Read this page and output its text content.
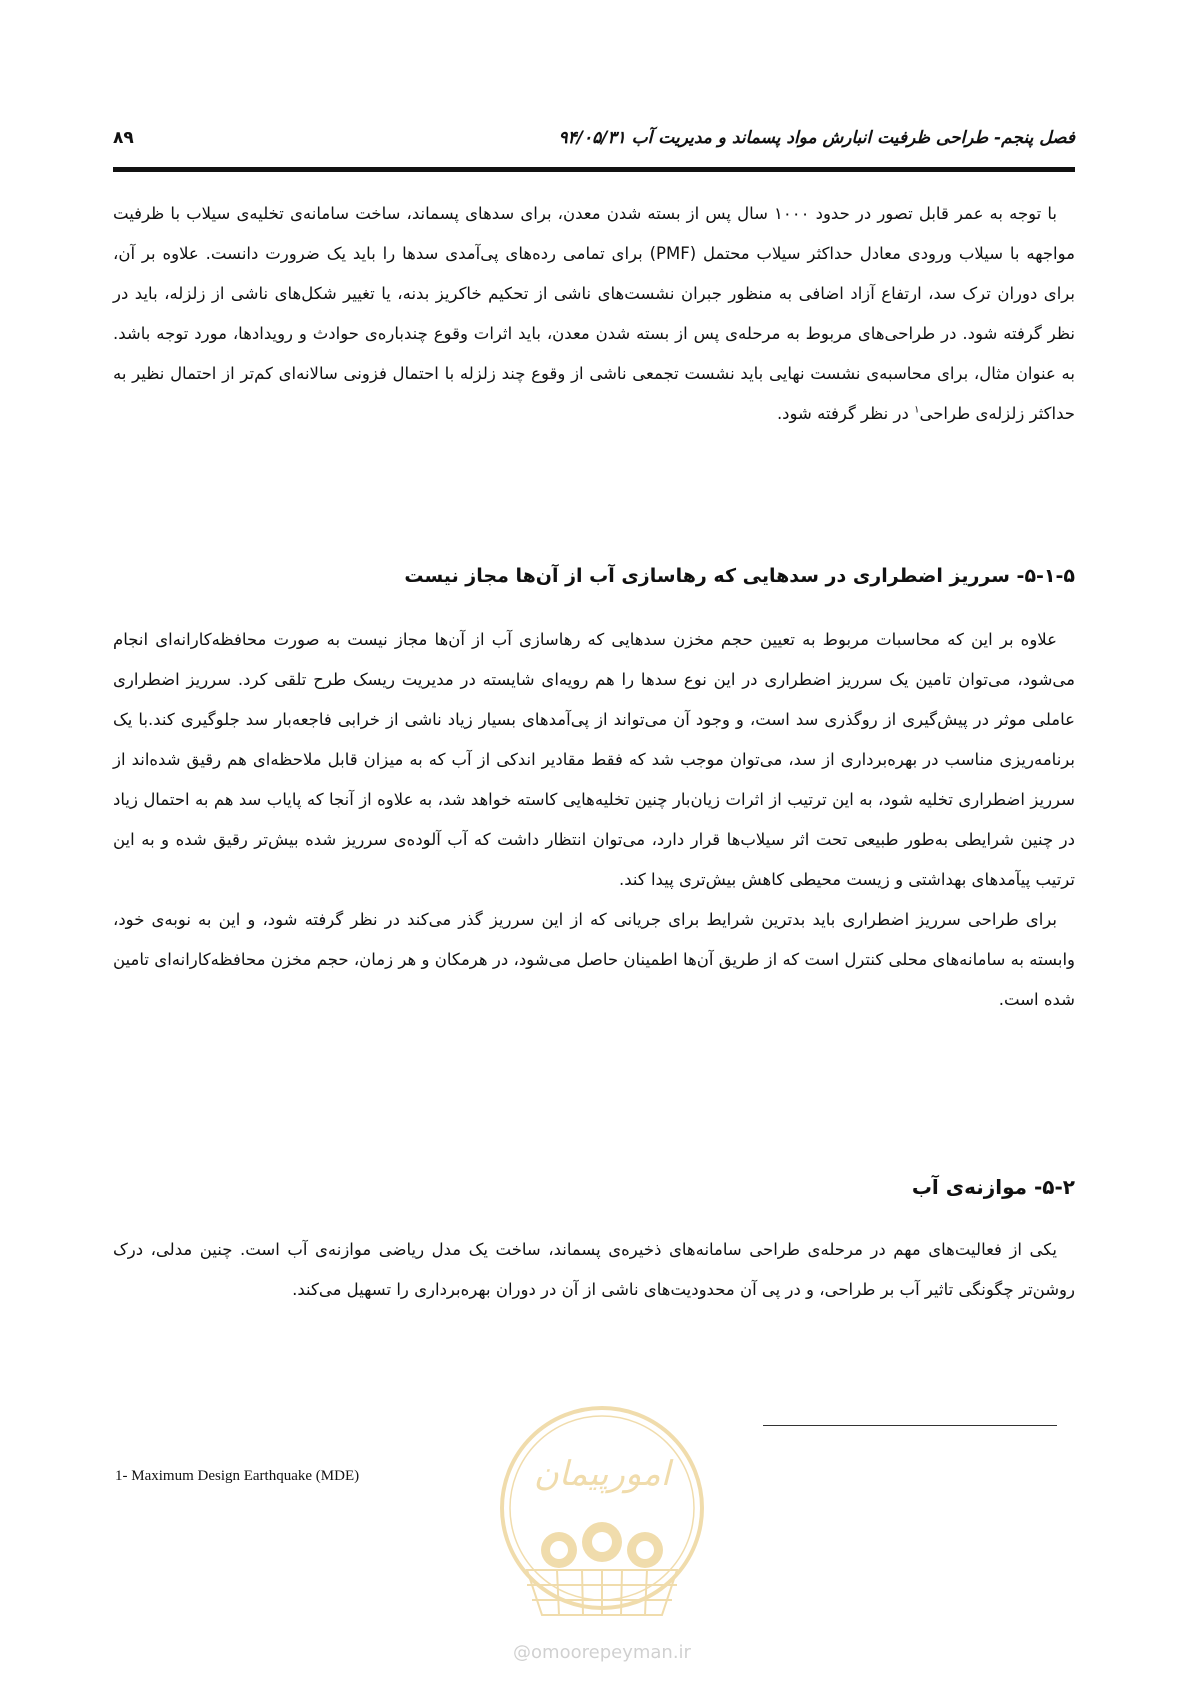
فصل پنجم- طراحی ظرفیت انبارش مواد پسماند و مدیریت آب ۹۴/۰۵/۳۱
۸۹

با توجه به عمر قابل تصور در حدود ۱۰۰۰ سال پس از بسته شدن معدن، برای سدهای پسماند، ساخت سامانه‌ی تخلیه‌ی سیلاب با ظرفیت مواجهه با سیلاب ورودی معادل حداکثر سیلاب محتمل (PMF) برای تمامی رده‌های پی‌آمدی سدها را باید یک ضرورت دانست. علاوه بر آن، برای دوران ترک سد، ارتفاع آزاد اضافی به منظور جبران نشست‌های ناشی از تحکیم خاکریز بدنه، یا تغییر شکل‌های ناشی از زلزله، باید در نظر گرفته شود. در طراحی‌های مربوط به مرحله‌ی پس از بسته شدن معدن، باید اثرات وقوع چندباره‌ی حوادث و رویدادها، مورد توجه باشد. به عنوان مثال، برای محاسبه‌ی نشست نهایی باید نشست تجمعی ناشی از وقوع چند زلزله با احتمال فزونی سالانه‌ای کم‌تر از احتمال نظیر به حداکثر زلزله‌ی طراحی$^۱$ در نظر گرفته شود.

۵-۱-۵- سرریز اضطراری در سدهایی که رهاسازی آب از آن‌ها مجاز نیست

علاوه بر این که محاسبات مربوط به تعیین حجم مخزن سدهایی که رهاسازی آب از آن‌ها مجاز نیست به صورت محافظه‌کارانه‌ای انجام می‌شود، می‌توان تامین یک سرریز اضطراری در این نوع سدها را هم رویه‌ای شایسته در مدیریت ریسک طرح تلقی کرد. سرریز اضطراری عاملی موثر در پیش‌گیری از روگذری سد است، و وجود آن می‌تواند از پی‌آمدهای بسیار زیاد ناشی از خرابی فاجعه‌بار سد جلوگیری کند.با یک برنامه‌ریزی مناسب در بهره‌برداری از سد، می‌توان موجب شد که فقط مقادیر اندکی از آب که به میزان قابل ملاحظه‌ای هم رقیق شده‌اند از سرریز اضطراری تخلیه شود، به این ترتیب از اثرات زیان‌بار چنین تخلیه‌هایی کاسته خواهد شد، به علاوه از آنجا که پایاب سد هم به احتمال زیاد در چنین شرایطی به‌طور طبیعی تحت اثر سیلاب‌ها قرار دارد، می‌توان انتظار داشت که آب آلوده‌ی سرریز شده بیش‌تر رقیق شده و به این ترتیب پیآمدهای بهداشتی و زیست محیطی کاهش بیش‌تری پیدا کند.

برای طراحی سرریز اضطراری باید بدترین شرایط برای جریانی که از این سرریز گذر می‌کند در نظر گرفته شود، و این به نوبه‌ی خود، وابسته به سامانه‌های محلی کنترل است که از طریق آن‌ها اطمینان حاصل می‌شود، در هرمکان و هر زمان، حجم مخزن محافظه‌کارانه‌ای تامین شده است.

۵-۲- موازنه‌ی آب

یکی از فعالیت‌های مهم در مرحله‌ی طراحی سامانه‌های ذخیره‌ی پسماند، ساخت یک مدل ریاضی موازنه‌ی آب است. چنین مدلی، درک روشن‌تر چگونگی تاثیر آب بر طراحی، و در پی آن محدودیت‌های ناشی از آن در دوران بهره‌برداری را تسهیل می‌کند.

1- Maximum Design Earthquake (MDE)	امورپیمان
@omoorepeyman.ir
